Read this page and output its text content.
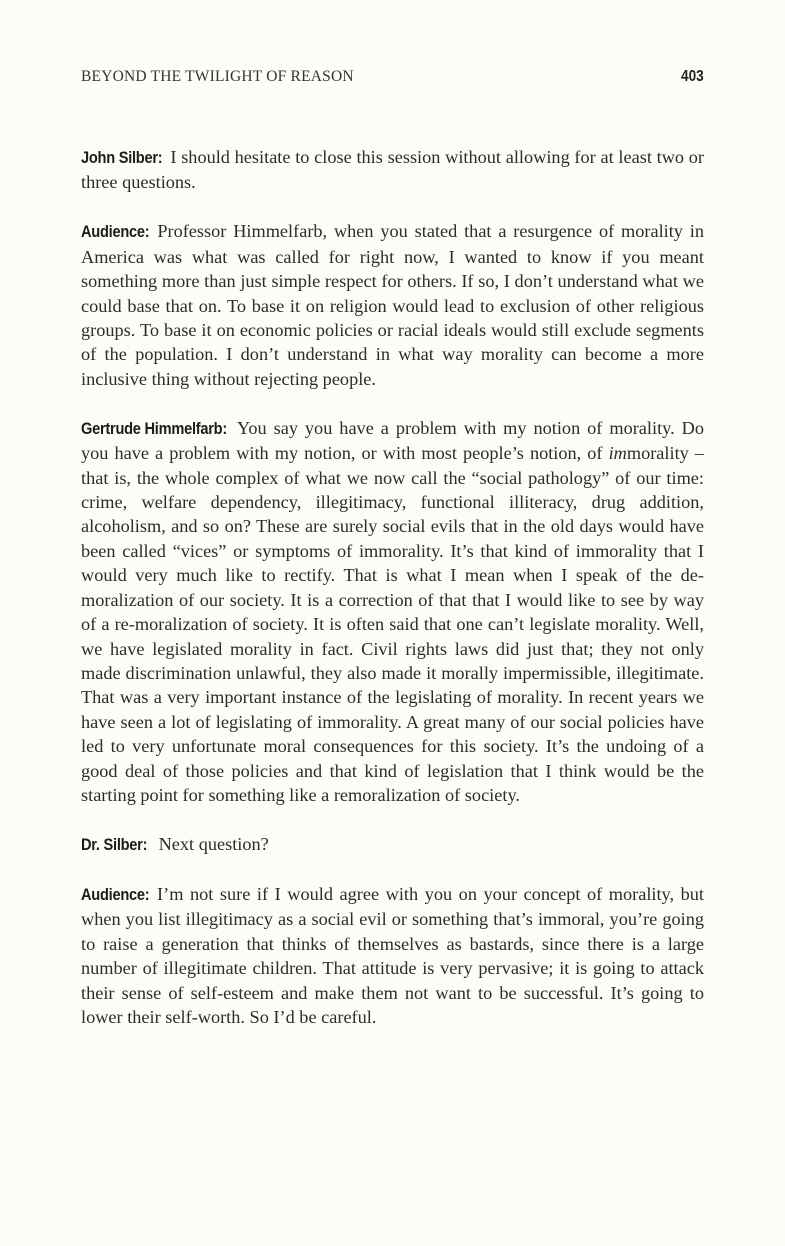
BEYOND THE TWILIGHT OF REASON	403

John Silber: I should hesitate to close this session without allowing for at least two or three questions.

Audience: Professor Himmelfarb, when you stated that a resurgence of morality in America was what was called for right now, I wanted to know if you meant something more than just simple respect for others. If so, I don’t understand what we could base that on. To base it on religion would lead to exclusion of other religious groups. To base it on economic policies or racial ideals would still exclude segments of the population. I don’t understand in what way morality can become a more inclusive thing without rejecting people.

Gertrude Himmelfarb: You say you have a problem with my notion of morality. Do you have a problem with my notion, or with most people’s notion, of immorality – that is, the whole complex of what we now call the “social pathology” of our time: crime, welfare dependency, illegitimacy, functional illiteracy, drug addition, alcoholism, and so on? These are surely social evils that in the old days would have been called “vices” or symptoms of immorality. It’s that kind of immorality that I would very much like to rectify. That is what I mean when I speak of the demoralization of our society. It is a correction of that that I would like to see by way of a re-moralization of society. It is often said that one can’t legislate morality. Well, we have legislated morality in fact. Civil rights laws did just that; they not only made discrimination unlawful, they also made it morally impermissible, illegitimate. That was a very important instance of the legislating of morality. In recent years we have seen a lot of legislating of immorality. A great many of our social policies have led to very unfortunate moral consequences for this society. It’s the undoing of a good deal of those policies and that kind of legislation that I think would be the starting point for something like a remoralization of society.

Dr. Silber: Next question?

Audience: I’m not sure if I would agree with you on your concept of morality, but when you list illegitimacy as a social evil or something that’s immoral, you’re going to raise a generation that thinks of themselves as bastards, since there is a large number of illegitimate children. That attitude is very pervasive; it is going to attack their sense of self-esteem and make them not want to be successful. It’s going to lower their self-worth. So I’d be careful.
